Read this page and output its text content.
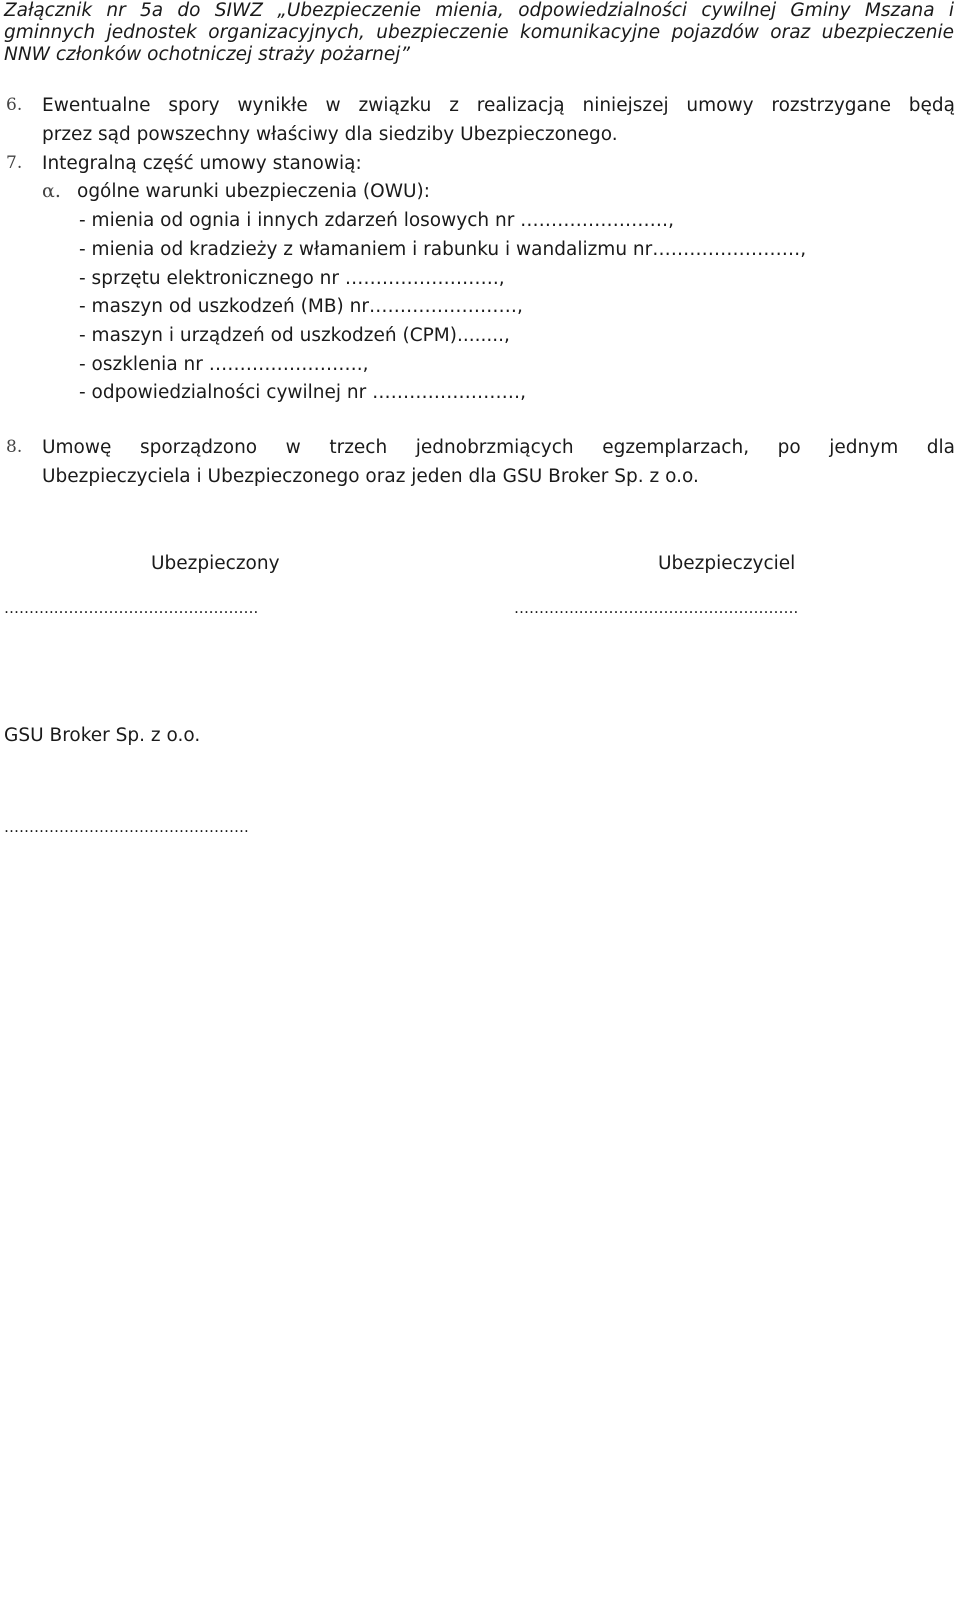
Załącznik nr 5a do SIWZ „Ubezpieczenie mienia, odpowiedzialności cywilnej Gminy Mszana i gminnych jednostek organizacyjnych, ubezpieczenie komunikacyjne pojazdów oraz ubezpieczenie NNW członków ochotniczej straży pożarnej”
6. Ewentualne spory wynikłe w związku z realizacją niniejszej umowy rozstrzygane będą
przez sąd powszechny właściwy dla siedziby Ubezpieczonego.
7. Integralną część umowy stanowią:
α. ogólne warunki ubezpieczenia (OWU):
- mienia od ognia i innych zdarzeń losowych nr ……………………,
- mienia od kradzieży z włamaniem i rabunku i wandalizmu nr……………………,
- sprzętu elektronicznego nr …………………….,
- maszyn od uszkodzeń (MB) nr……………………,
- maszyn i urządzeń od uszkodzeń (CPM)........,
- oszklenia nr …………………….,
- odpowiedzialności cywilnej nr ……………………,
8. Umowę sporządzono w trzech jednobrzmiących egzemplarzach, po jednym dla
Ubezpieczyciela i Ubezpieczonego oraz jeden dla GSU Broker Sp. z o.o.
Ubezpieczony	Ubezpieczyciel
………..………………………………….	…………..…………………………………….
GSU Broker Sp. z o.o.
………………………………………….
